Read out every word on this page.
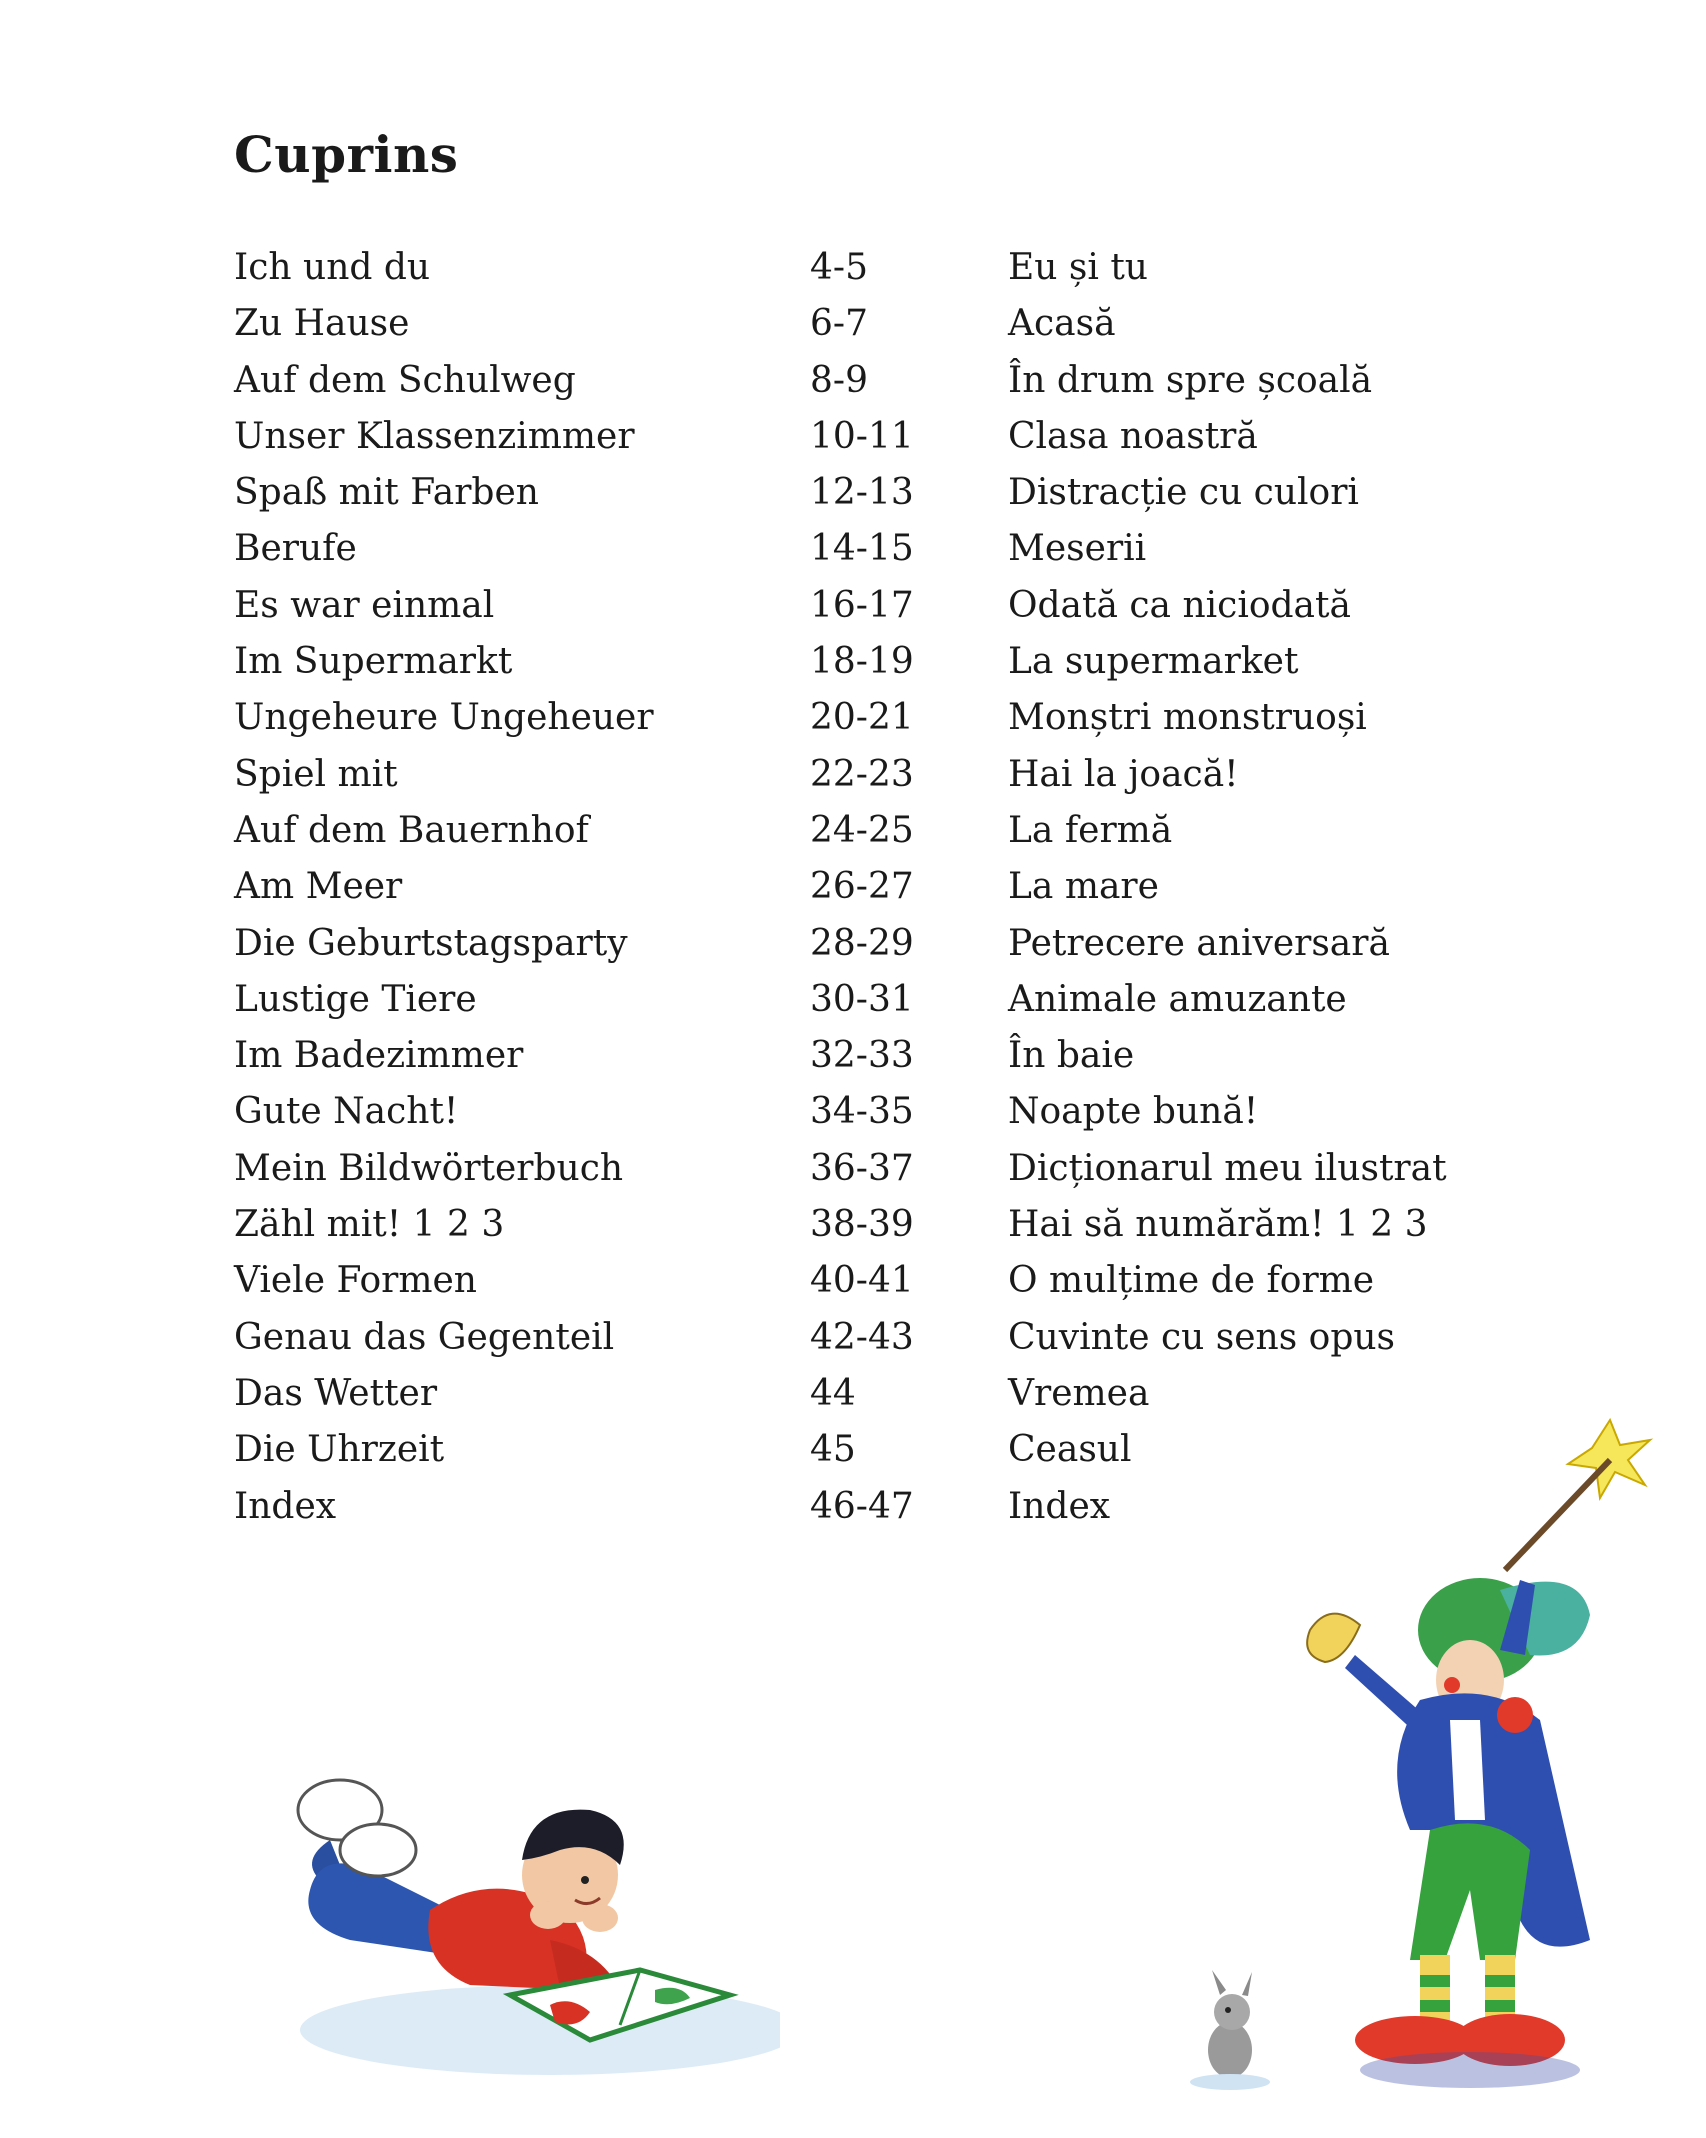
Cuprins
Ich und du	4-5	Eu și tu
Zu Hause	6-7	Acasă
Auf dem Schulweg	8-9	În drum spre școală
Unser Klassenzimmer	10-11	Clasa noastră
Spaß mit Farben	12-13	Distracție cu culori
Berufe	14-15	Meserii
Es war einmal	16-17	Odată ca niciodată
Im Supermarkt	18-19	La supermarket
Ungeheure Ungeheuer	20-21	Monștri monstruoși
Spiel mit	22-23	Hai la joacă!
Auf dem Bauernhof	24-25	La fermă
Am Meer	26-27	La mare
Die Geburtstagsparty	28-29	Petrecere aniversară
Lustige Tiere	30-31	Animale amuzante
Im Badezimmer	32-33	În baie
Gute Nacht!	34-35	Noapte bună!
Mein Bildwörterbuch	36-37	Dicționarul meu ilustrat
Zähl mit! 1 2 3	38-39	Hai să numărăm! 1 2 3
Viele Formen	40-41	O mulțime de forme
Genau das Gegenteil	42-43	Cuvinte cu sens opus
Das Wetter	44	Vremea
Die Uhrzeit	45	Ceasul
Index	46-47	Index
